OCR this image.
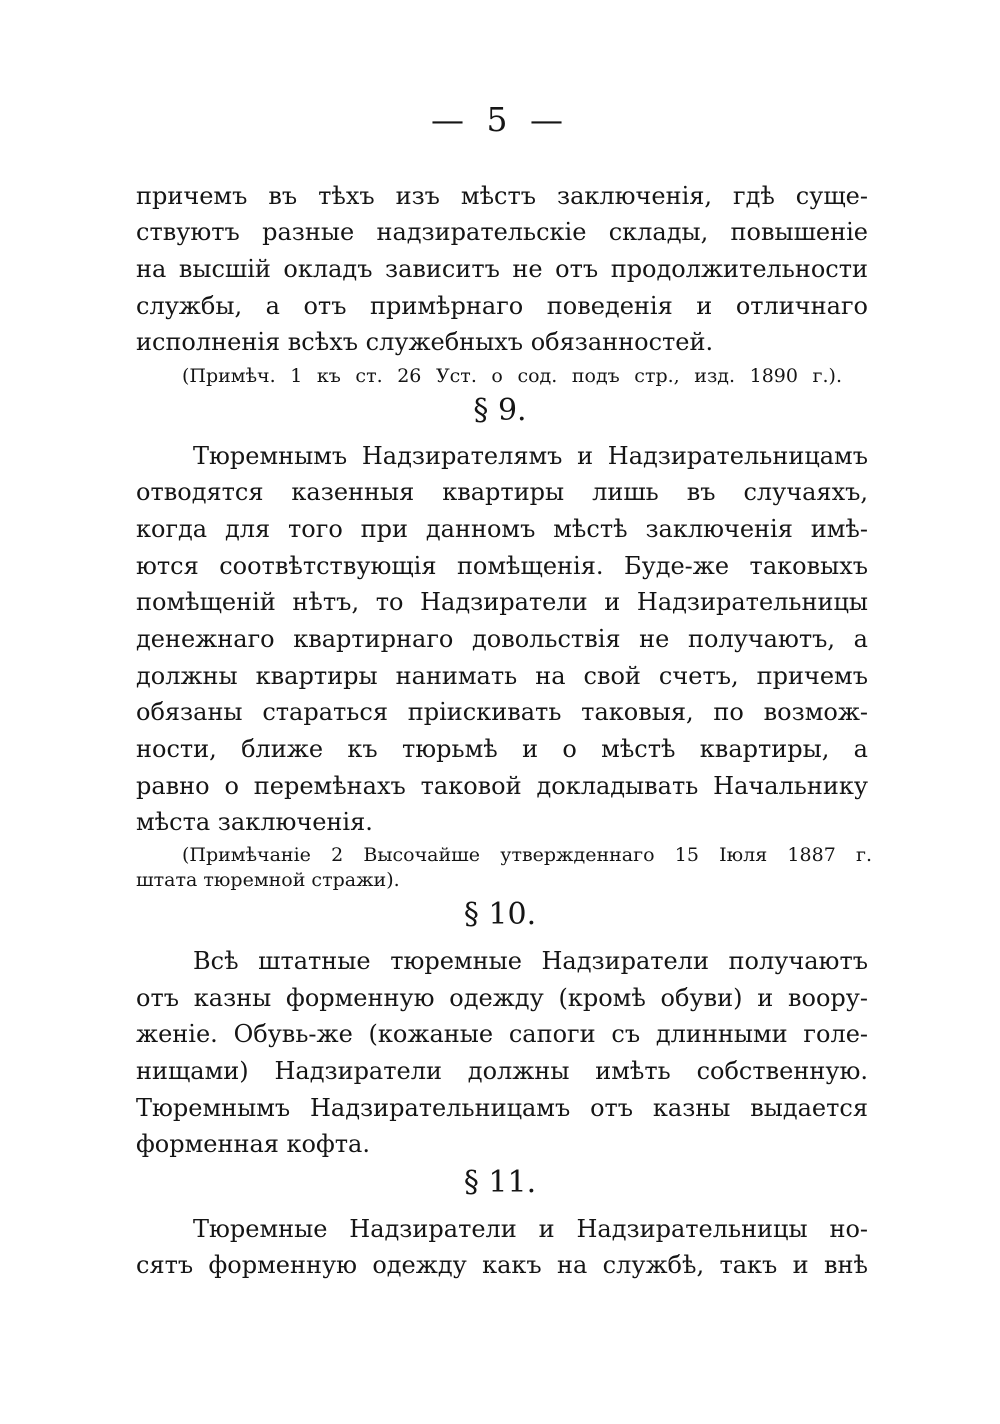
— 5 —
причемъ въ тѣхъ изъ мѣстъ заключенія, гдѣ суще-
ствуютъ разные надзирательскіе склады, повышеніе
на высшій окладъ зависитъ не отъ продолжительности
службы, а отъ примѣрнаго поведенія и отличнаго
исполненія всѣхъ служебныхъ обязанностей.
(Примѣч. 1 къ ст. 26 Уст. о сод. подъ стр., изд. 1890 г.).
§ 9.
Тюремнымъ Надзирателямъ и Надзирательницамъ
отводятся казенныя квартиры лишь въ случаяхъ,
когда для того при данномъ мѣстѣ заключенія имѣ-
ются соотвѣтствующія помѣщенія. Буде-же таковыхъ
помѣщеній нѣтъ, то Надзиратели и Надзирательницы
денежнаго квартирнаго довольствія не получаютъ, а
должны квартиры нанимать на свой счетъ, причемъ
обязаны стараться прiискивать таковыя, по возмож-
ности, ближе къ тюрьмѣ и о мѣстѣ квартиры, а
равно о перемѣнахъ таковой докладывать Начальнику
мѣста заключенія.
(Примѣчаніе 2 Высочайше утвержденнаго 15 Іюля 1887 г.
штата тюремной стражи).
§ 10.
Всѣ штатные тюремные Надзиратели получаютъ
отъ казны форменную одежду (кромѣ обуви) и воору-
женіе. Обувь-же (кожаные сапоги съ длинными голе-
нищами) Надзиратели должны имѣть собственную.
Тюремнымъ Надзирательницамъ отъ казны выдается
форменная кофта.
§ 11.
Тюремные Надзиратели и Надзирательницы но-
сятъ форменную одежду какъ на службѣ, такъ и внѣ
